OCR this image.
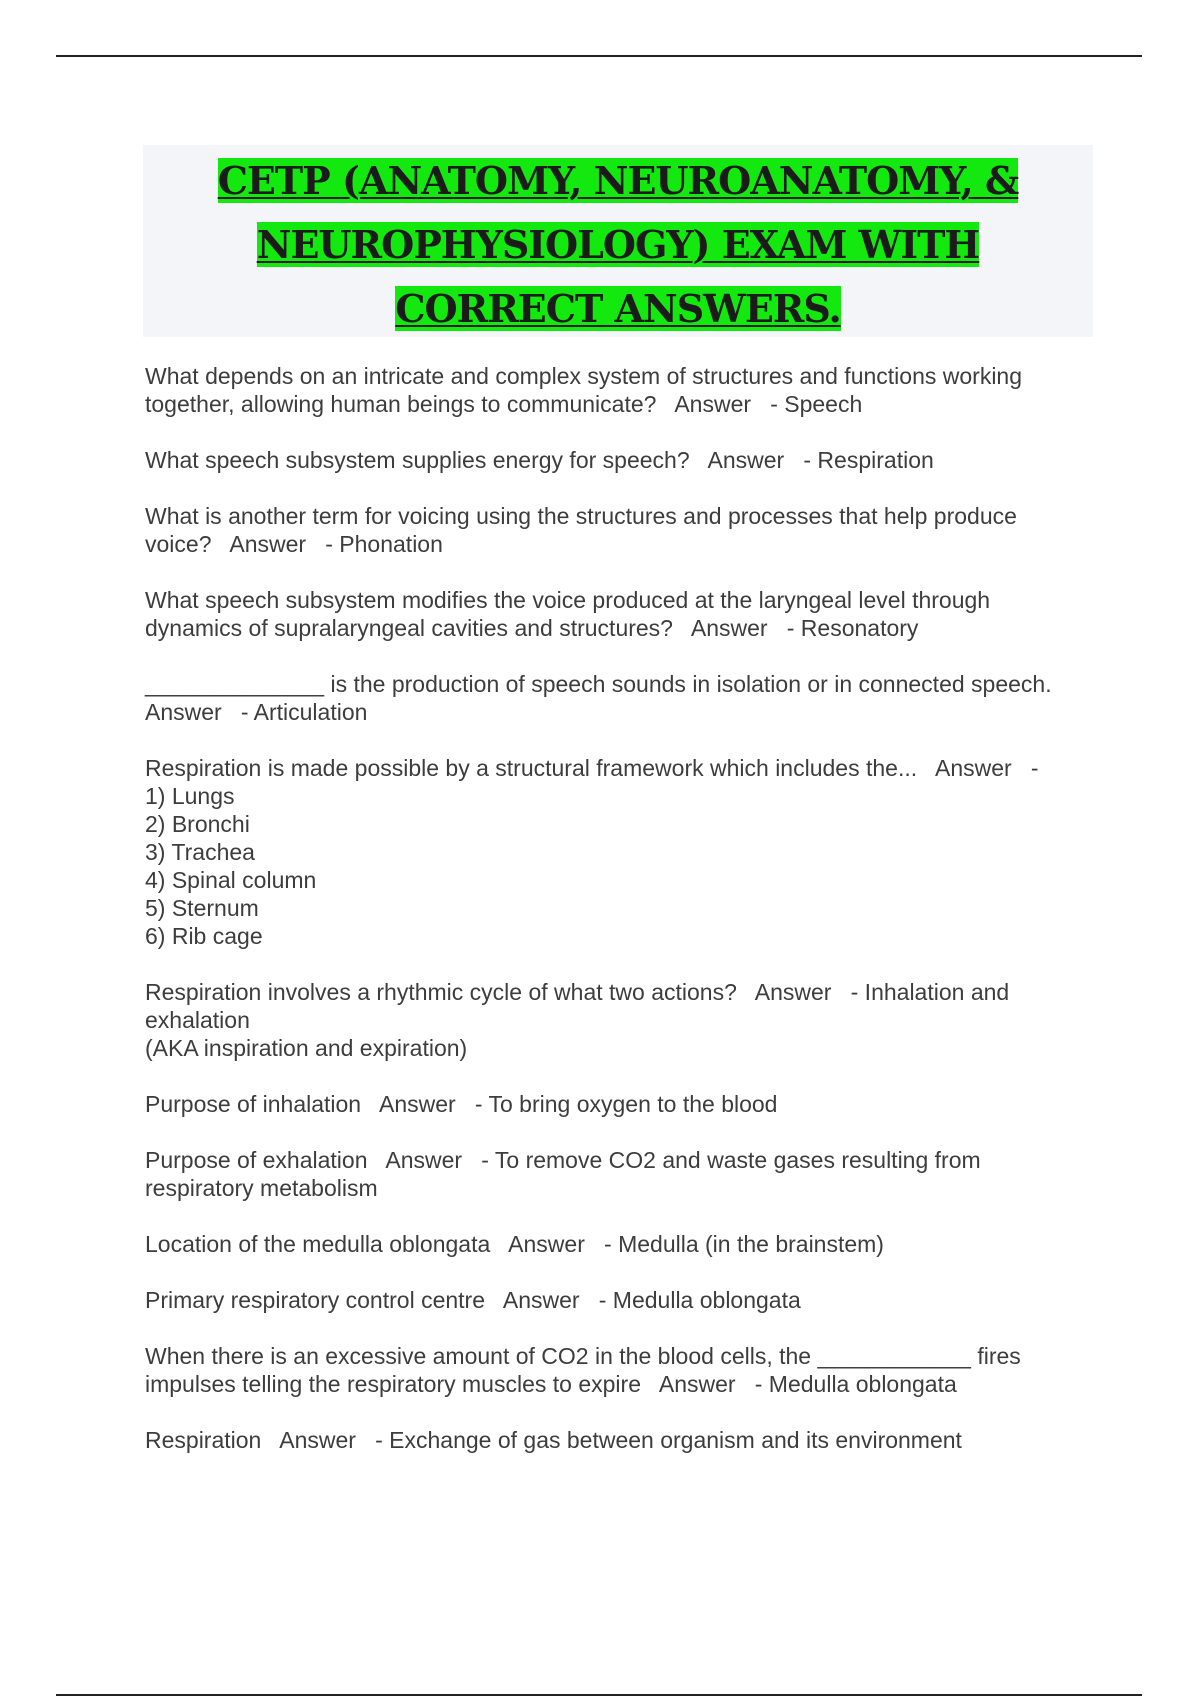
CETP (ANATOMY, NEUROANATOMY, & NEUROPHYSIOLOGY) EXAM WITH CORRECT ANSWERS.
What depends on an intricate and complex system of structures and functions working
together, allowing human beings to communicate?   Answer   - Speech
What speech subsystem supplies energy for speech?   Answer   - Respiration
What is another term for voicing using the structures and processes that help produce
voice?   Answer   - Phonation
What speech subsystem modifies the voice produced at the laryngeal level through
dynamics of supralaryngeal cavities and structures?   Answer   - Resonatory
______________ is the production of speech sounds in isolation or in connected speech.
Answer   - Articulation
Respiration is made possible by a structural framework which includes the...   Answer   -
1) Lungs
2) Bronchi
3) Trachea
4) Spinal column
5) Sternum
6) Rib cage
Respiration involves a rhythmic cycle of what two actions?   Answer   - Inhalation and
exhalation
(AKA inspiration and expiration)
Purpose of inhalation   Answer   - To bring oxygen to the blood
Purpose of exhalation   Answer   - To remove CO2 and waste gases resulting from
respiratory metabolism
Location of the medulla oblongata   Answer   - Medulla (in the brainstem)
Primary respiratory control centre   Answer   - Medulla oblongata
When there is an excessive amount of CO2 in the blood cells, the ____________ fires
impulses telling the respiratory muscles to expire   Answer   - Medulla oblongata
Respiration   Answer   - Exchange of gas between organism and its environment
